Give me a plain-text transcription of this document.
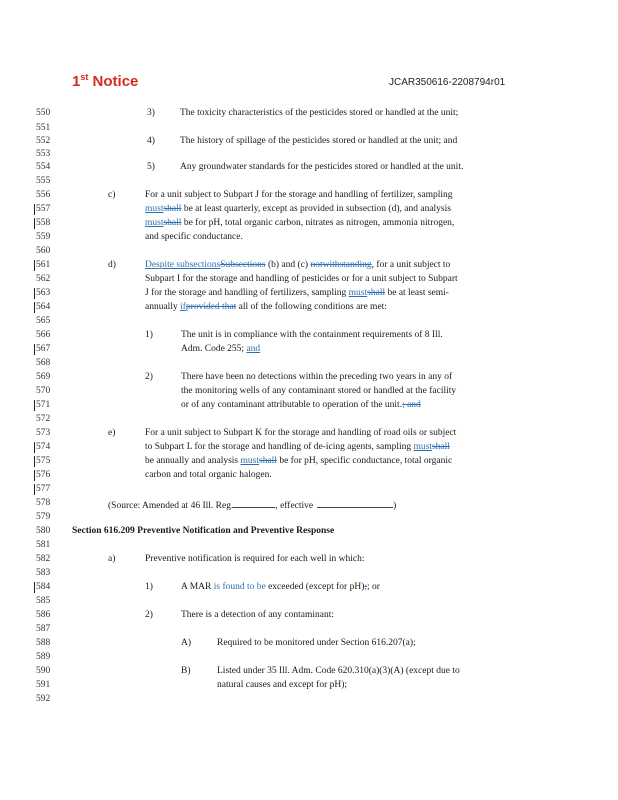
1st Notice	JCAR350616-2208794r01
550
551
552
553
554
555
556
557
558
559
560
561
562
563
564
565
566
567
568
569
570
571
572
573
574
575
576
577
578
579
580
581
582
583
584
585
586
587
588
589
590
591
592
3)	The toxicity characteristics of the pesticides stored or handled at the unit;
4)	The history of spillage of the pesticides stored or handled at the unit; and
5)	Any groundwater standards for the pesticides stored or handled at the unit.
c)	For a unit subject to Subpart J for the storage and handling of fertilizer, sampling
mustshall be at least quarterly, except as provided in subsection (d), and analysis
mustshall be for pH, total organic carbon, nitrates as nitrogen, ammonia nitrogen,
and specific conductance.
d)	Despite subsectionsSubsections (b) and (c) notwithstanding, for a unit subject to
Subpart I for the storage and handling of pesticides or for a unit subject to Subpart
J for the storage and handling of fertilizers, sampling mustshall be at least semi-
annually ifprovided that all of the following conditions are met:
1)	The unit is in compliance with the containment requirements of 8 Ill.
Adm. Code 255; and
2)	There have been no detections within the preceding two years in any of
the monitoring wells of any contaminant stored or handled at the facility
or of any contaminant attributable to operation of the unit.; and
e)	For a unit subject to Subpart K for the storage and handling of road oils or subject
to Subpart L for the storage and handling of de-icing agents, sampling mustshall
be annually and analysis mustshall be for pH, specific conductance, total organic
carbon and total organic halogen.
(Source: Amended at 46 Ill. Reg.	, effective	)
Section 616.209 Preventive Notification and Preventive Response
a)	Preventive notification is required for each well in which:
1)	A MAR is found to be exceeded (except for pH);; or
2)	There is a detection of any contaminant:
A)	Required to be monitored under Section 616.207(a);
B)	Listed under 35 Ill. Adm. Code 620.310(a)(3)(A) (except due to
natural causes and except for pH);
